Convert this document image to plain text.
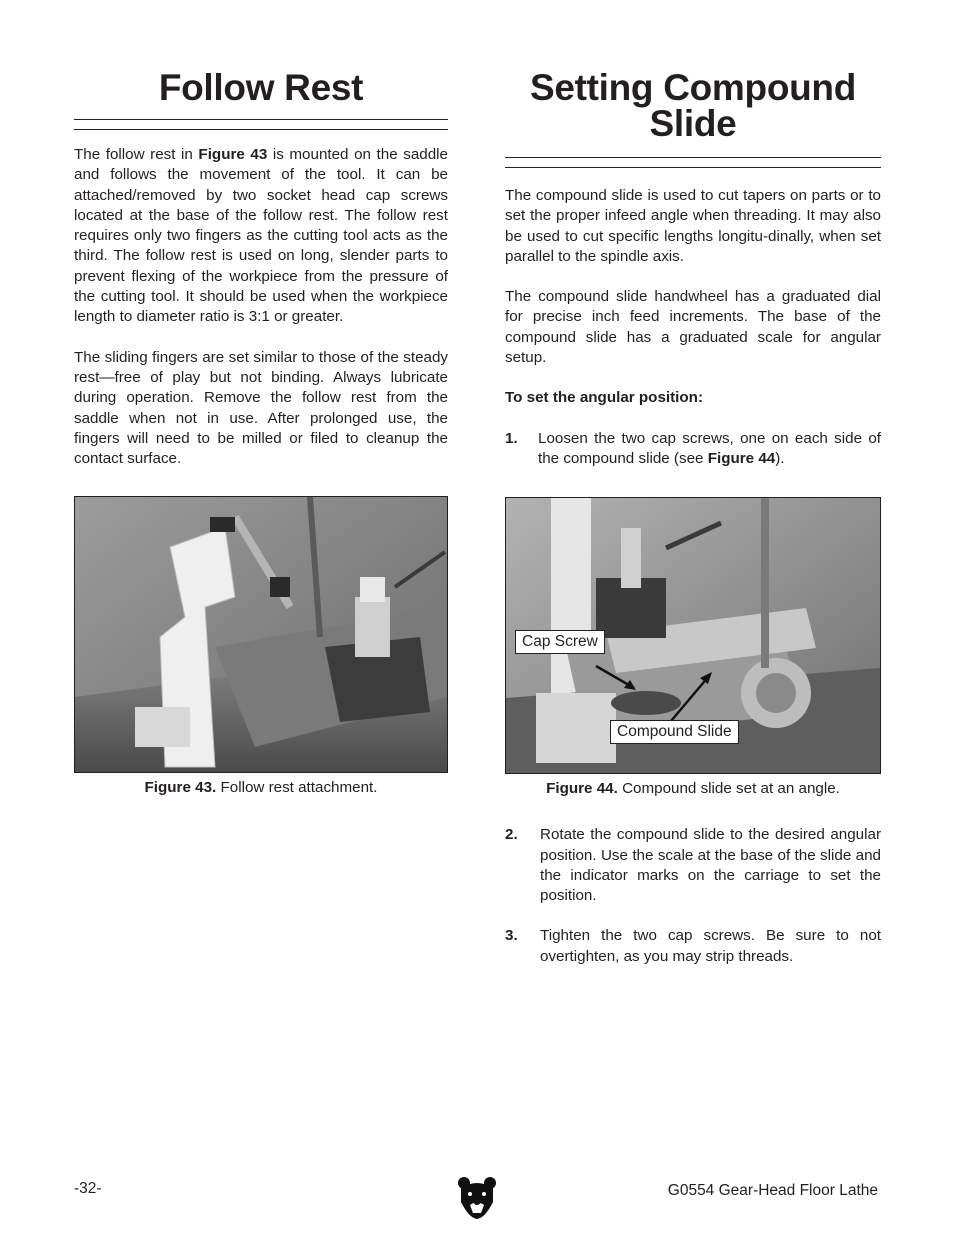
Follow Rest

The follow rest in Figure 43 is mounted on the saddle and follows the movement of the tool. It can be attached/removed by two socket head cap screws located at the base of the follow rest. The follow rest requires only two fingers as the cutting tool acts as the third. The follow rest is used on long, slender parts to prevent flexing of the workpiece from the pressure of the cutting tool. It should be used when the workpiece length to diameter ratio is 3:1 or greater.

The sliding fingers are set similar to those of the steady rest—free of play but not binding. Always lubricate during operation. Remove the follow rest from the saddle when not in use. After prolonged use, the fingers will need to be milled or filed to cleanup the contact surface.

Figure 43. Follow rest attachment.
Setting Compound Slide

The compound slide is used to cut tapers on parts or to set the proper infeed angle when threading. It may also be used to cut specific lengths longitu-dinally, when set parallel to the spindle axis.

The compound slide handwheel has a graduated dial for precise inch feed increments. The base of the compound slide has a graduated scale for angular setup.

To set the angular position:

1. Loosen the two cap screws, one on each side of the compound slide (see Figure 44).
Cap Screw
Compound Slide
Figure 44. Compound slide set at an angle.
2. Rotate the compound slide to the desired angular position. Use the scale at the base of the slide and the indicator marks on the carriage to set the position.
3. Tighten the two cap screws. Be sure to not overtighten, as you may strip threads.
-32-	G0554 Gear-Head Floor Lathe
